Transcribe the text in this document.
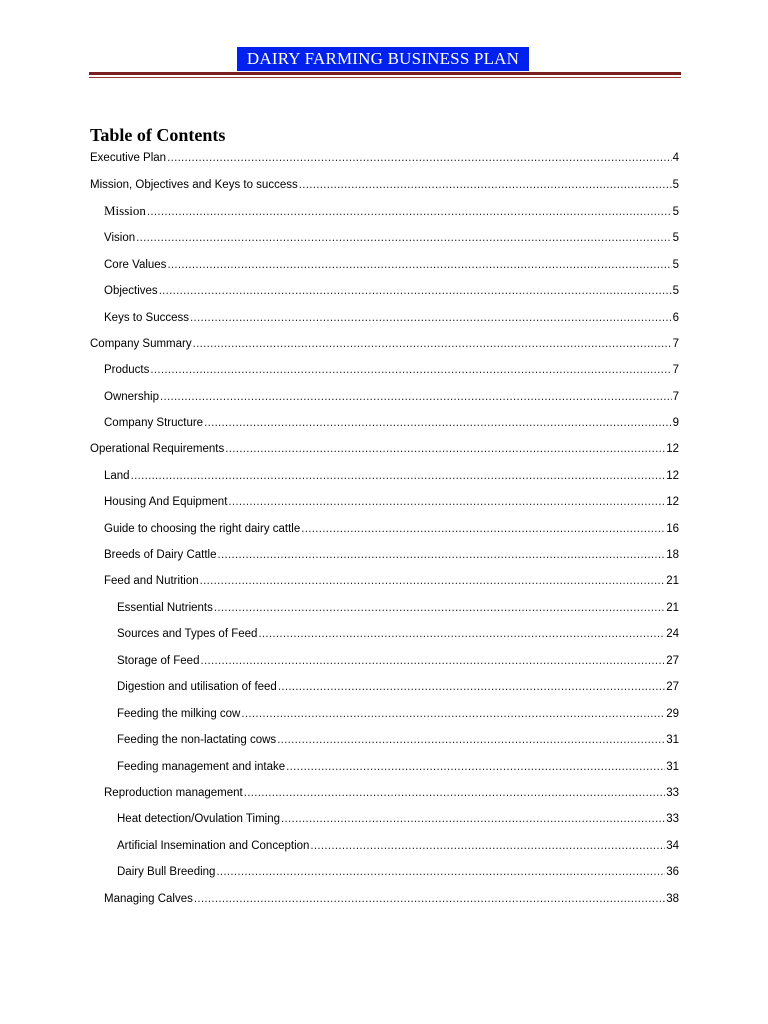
DAIRY FARMING BUSINESS PLAN
Table of Contents
Executive Plan .....	4
Mission, Objectives and Keys to success .....	5
Mission .....	5
Vision .....	5
Core Values .....	5
Objectives .....	5
Keys to Success .....	6
Company Summary .....	7
Products .....	7
Ownership .....	7
Company Structure .....	9
Operational Requirements .....	12
Land .....	12
Housing And Equipment .....	12
Guide to choosing the right dairy cattle .....	16
Breeds of Dairy Cattle .....	18
Feed and Nutrition .....	21
Essential Nutrients .....	21
Sources and Types of Feed .....	24
Storage of Feed .....	27
Digestion and utilisation of feed .....	27
Feeding the milking cow .....	29
Feeding the non-lactating cows .....	31
Feeding management and intake .....	31
Reproduction management .....	33
Heat detection/Ovulation Timing .....	33
Artificial Insemination and Conception .....	34
Dairy Bull Breeding .....	36
Managing Calves .....	38
